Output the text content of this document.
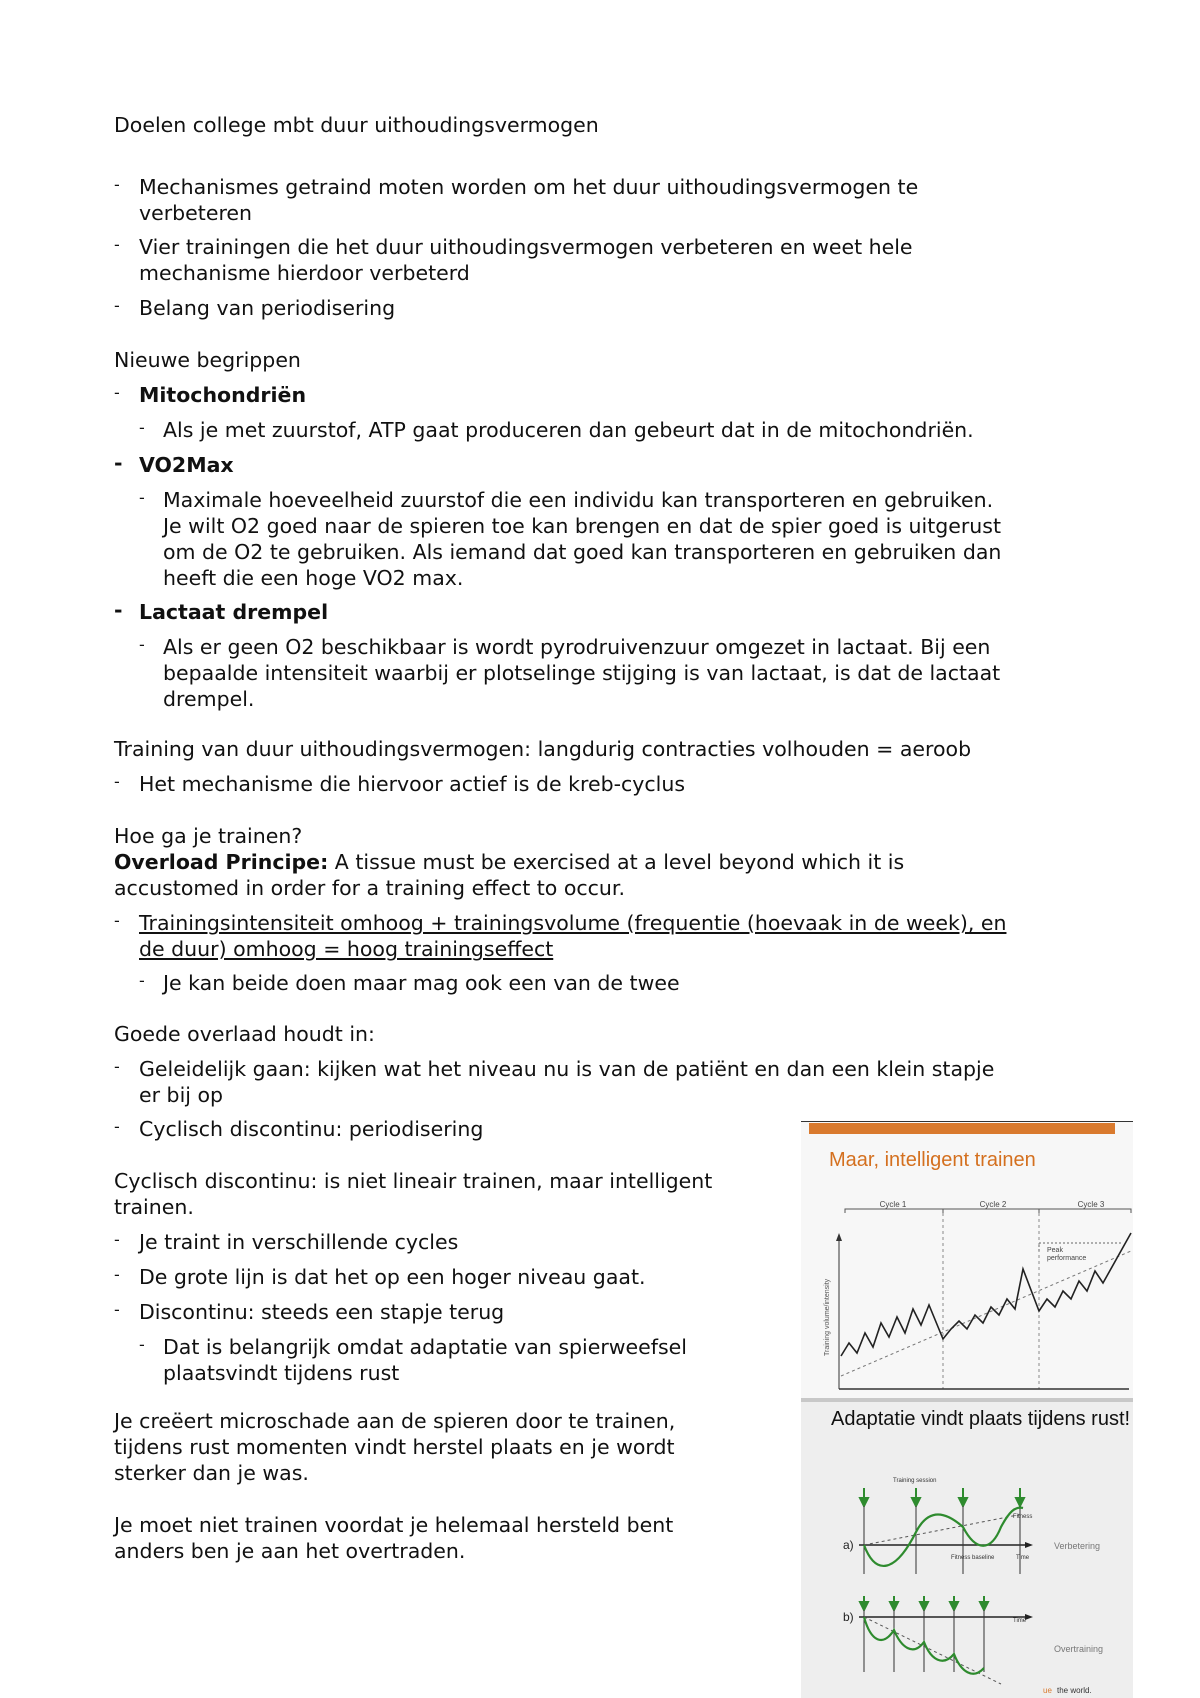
Doelen college mbt duur uithoudingsvermogen
- Mechanismes getraind moten worden om het duur uithoudingsvermogen te
verbeteren
- Vier trainingen die het duur uithoudingsvermogen verbeteren en weet hele
mechanisme hierdoor verbeterd
- Belang van periodisering
Nieuwe begrippen
- Mitochondriën
- Als je met zuurstof, ATP gaat produceren dan gebeurt dat in de mitochondriën.
- VO2Max
- Maximale hoeveelheid zuurstof die een individu kan transporteren en gebruiken.
Je wilt O2 goed naar de spieren toe kan brengen en dat de spier goed is uitgerust
om de O2 te gebruiken. Als iemand dat goed kan transporteren en gebruiken dan
heeft die een hoge VO2 max.
- Lactaat drempel
- Als er geen O2 beschikbaar is wordt pyrodruivenzuur omgezet in lactaat. Bij een
bepaalde intensiteit waarbij er plotselinge stijging is van lactaat, is dat de lactaat
drempel.
Training van duur uithoudingsvermogen: langdurig contracties volhouden = aeroob
- Het mechanisme die hiervoor actief is de kreb-cyclus
Hoe ga je trainen?
Overload Principe: A tissue must be exercised at a level beyond which it is
accustomed in order for a training effect to occur.
- Trainingsintensiteit omhoog + trainingsvolume (frequentie (hoevaak in de week), en
de duur) omhoog = hoog trainingseffect
- Je kan beide doen maar mag ook een van de twee
Goede overlaad houdt in:
- Geleidelijk gaan: kijken wat het niveau nu is van de patiënt en dan een klein stapje
er bij op
- Cyclisch discontinu: periodisering
Cyclisch discontinu: is niet lineair trainen, maar intelligent
trainen.
- Je traint in verschillende cycles
- De grote lijn is dat het op een hoger niveau gaat.
- Discontinu: steeds een stapje terug
- Dat is belangrijk omdat adaptatie van spierweefsel
plaatsvindt tijdens rust
Je creëert microschade aan de spieren door te trainen,
tijdens rust momenten vindt herstel plaats en je wordt
sterker dan je was.
Je moet niet trainen voordat je helemaal hersteld bent
anders ben je aan het overtraden.
Maar, intelligent trainen
Cycle 1	Cycle 2	Cycle 3
Training volume/intensity
Peak
performance
Adaptatie vindt plaats tijdens rust!
Training session
a)
Fitness
Fitness baseline	Time
Verbetering
b)	Time
Overtraining
ue the world.
